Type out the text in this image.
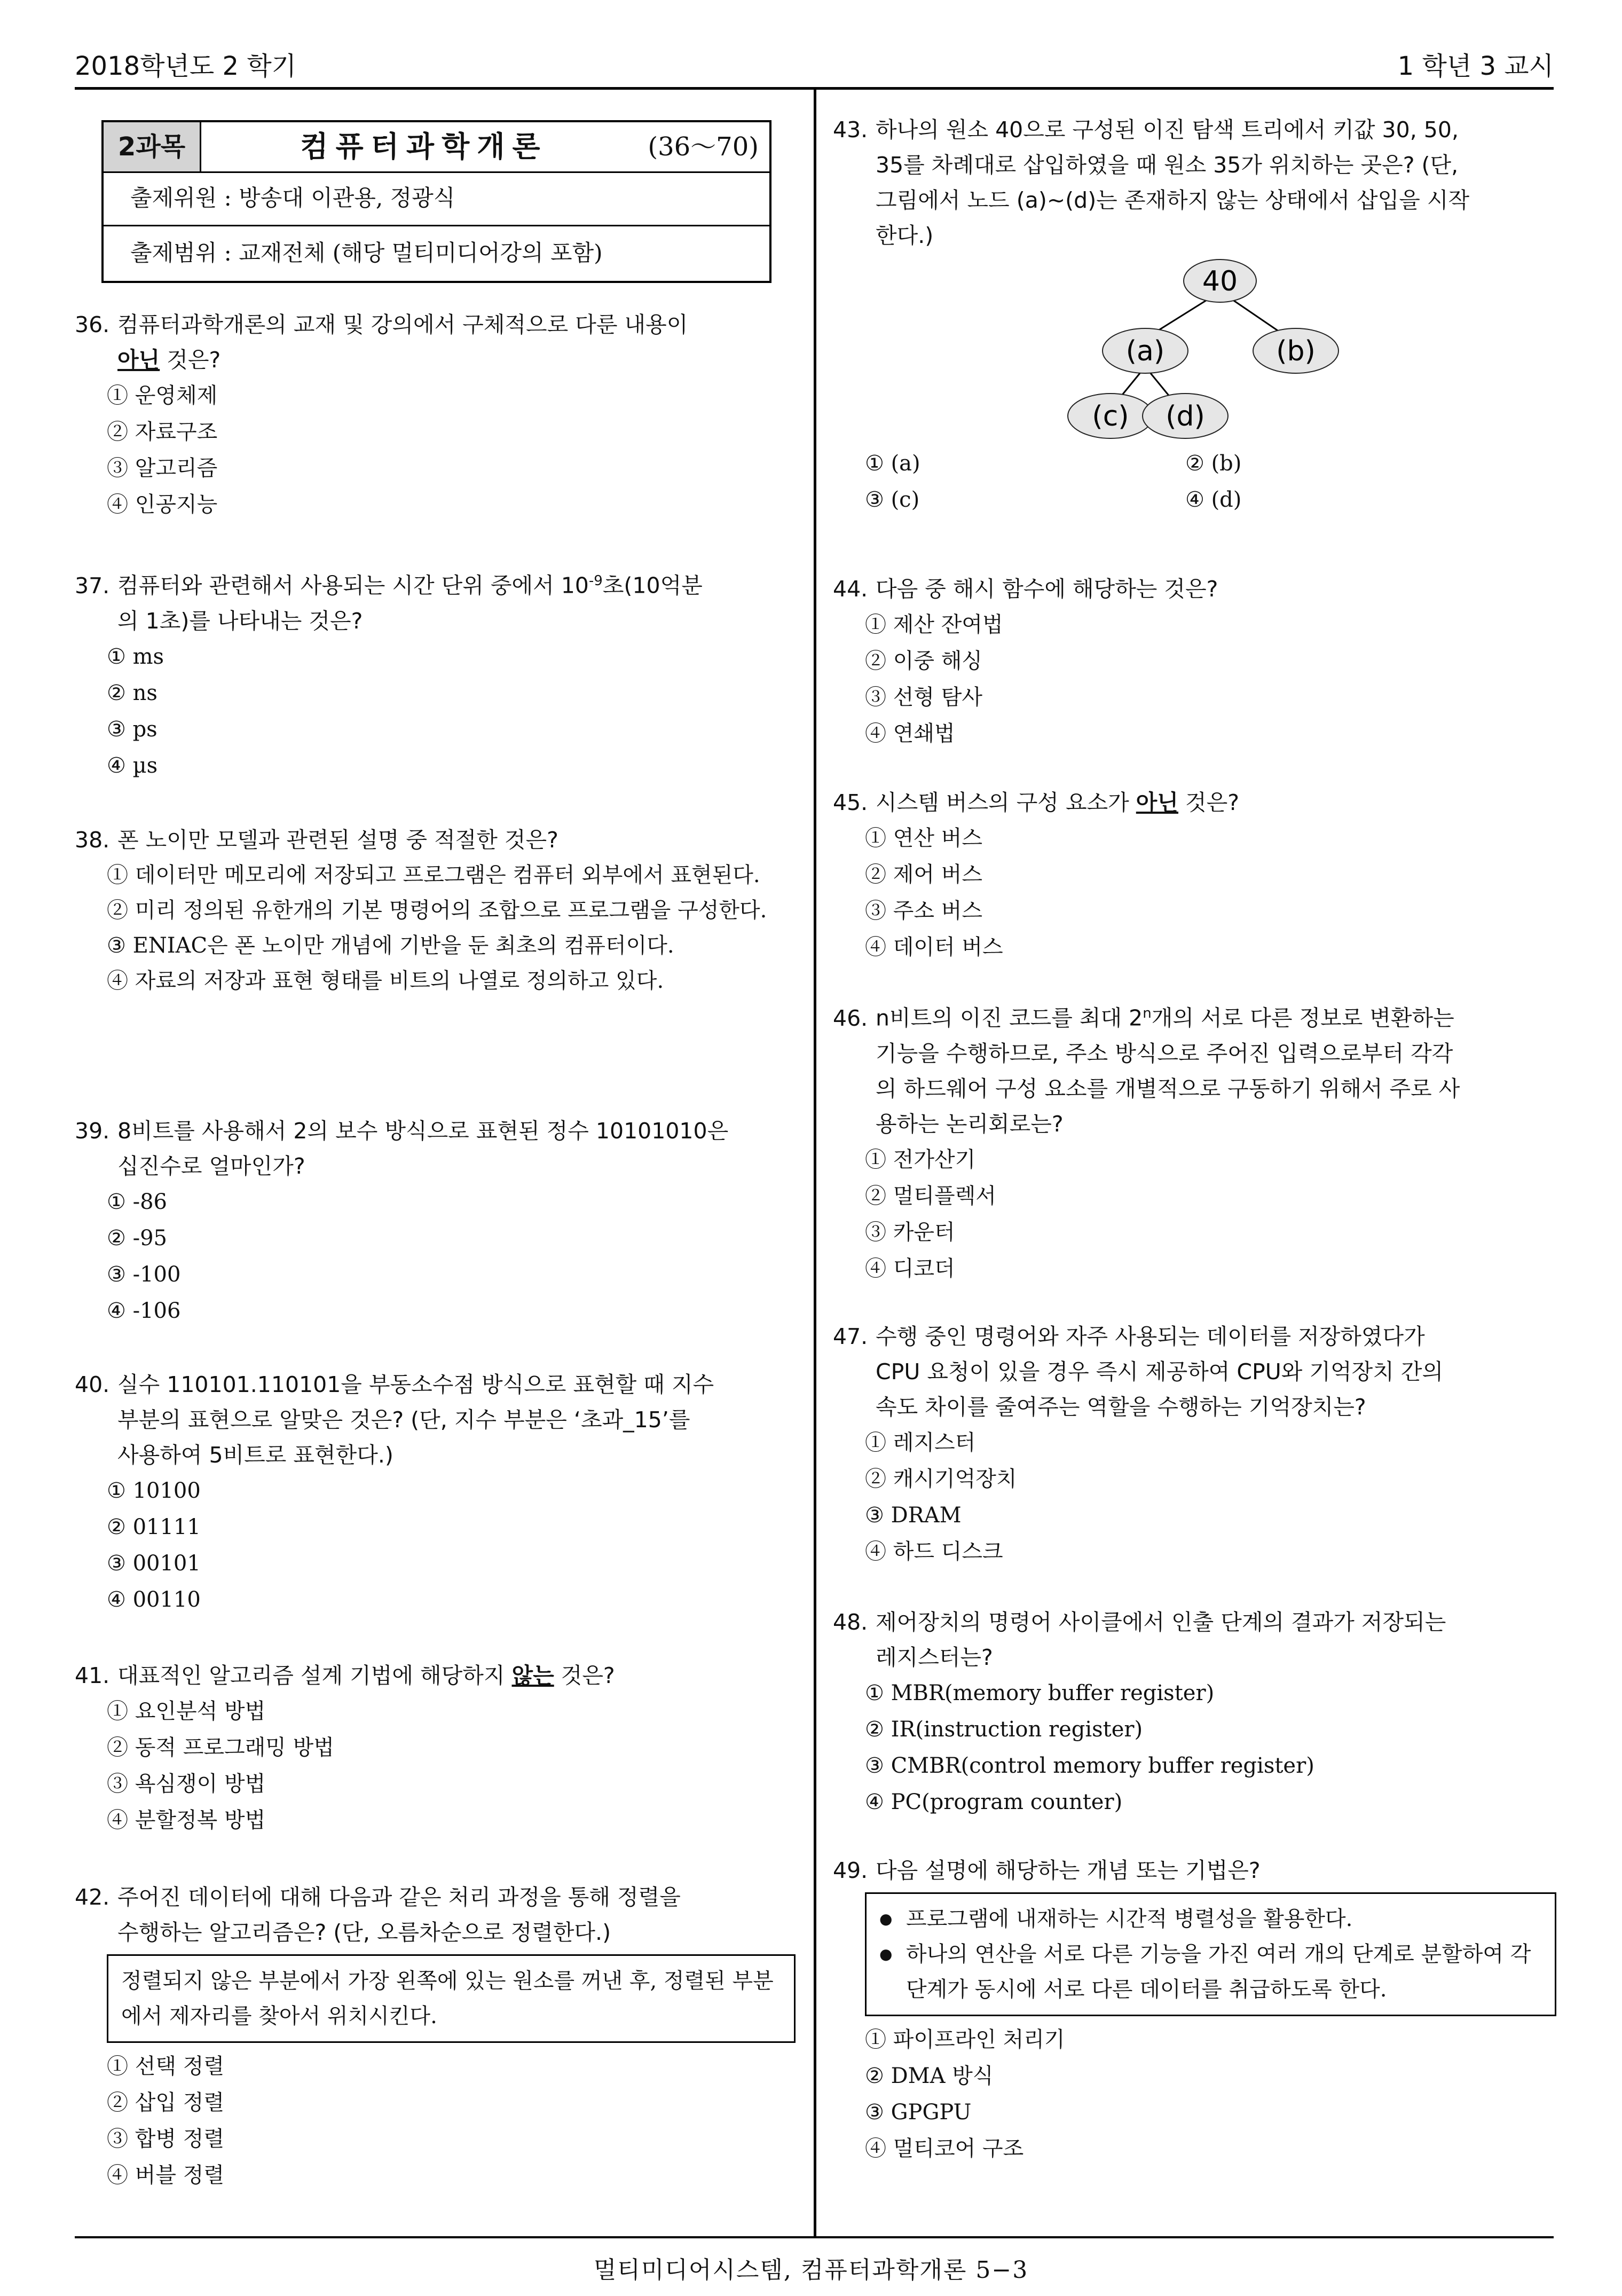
2018학년도 2 학기	1 학년 3 교시
2과목	컴퓨터과학개론	(36～70)
출제위원 : 방송대 이관용, 정광식
출제범위 : 교재전체 (해당 멀티미디어강의 포함)
36. 컴퓨터과학개론의 교재 및 강의에서 구체적으로 다룬 내용이
아닌 것은?
① 운영체제
② 자료구조
③ 알고리즘
④ 인공지능
37. 컴퓨터와 관련해서 사용되는 시간 단위 중에서 $10^{-9}$초(10억분
의 1초)를 나타내는 것은?
① ms
② ns
③ ps
④ µs
38. 폰 노이만 모델과 관련된 설명 중 적절한 것은?
① 데이터만 메모리에 저장되고 프로그램은 컴퓨터 외부에서 표현된다.
② 미리 정의된 유한개의 기본 명령어의 조합으로 프로그램을 구성한다.
③ ENIAC은 폰 노이만 개념에 기반을 둔 최초의 컴퓨터이다.
④ 자료의 저장과 표현 형태를 비트의 나열로 정의하고 있다.
39. 8비트를 사용해서 2의 보수 방식으로 표현된 정수 10101010은
십진수로 얼마인가?
① -86
② -95
③ -100
④ -106
40. 실수 110101.110101을 부동소수점 방식으로 표현할 때 지수
부분의 표현으로 알맞은 것은? (단, 지수 부분은 ‘초과_15’를
사용하여 5비트로 표현한다.)
① 10100
② 01111
③ 00101
④ 00110
41. 대표적인 알고리즘 설계 기법에 해당하지 않는 것은?
① 요인분석 방법
② 동적 프로그래밍 방법
③ 욕심쟁이 방법
④ 분할정복 방법
42. 주어진 데이터에 대해 다음과 같은 처리 과정을 통해 정렬을
수행하는 알고리즘은? (단, 오름차순으로 정렬한다.)
정렬되지 않은 부분에서 가장 왼쪽에 있는 원소를 꺼낸 후, 정렬된 부분에서 제자리를 찾아서 위치시킨다.
① 선택 정렬
② 삽입 정렬
③ 합병 정렬
④ 버블 정렬
43. 하나의 원소 40으로 구성된 이진 탐색 트리에서 키값 30, 50,
35를 차례대로 삽입하였을 때 원소 35가 위치하는 곳은? (단,
그림에서 노드 (a)∼(d)는 존재하지 않는 상태에서 삽입을 시작
한다.)
40
(a)	(b)
(c) (d)
① (a)	② (b)
③ (c)	④ (d)
44. 다음 중 해시 함수에 해당하는 것은?
① 제산 잔여법
② 이중 해싱
③ 선형 탐사
④ 연쇄법
45. 시스템 버스의 구성 요소가 아닌 것은?
① 연산 버스
② 제어 버스
③ 주소 버스
④ 데이터 버스
46. n비트의 이진 코드를 최대 2$^n$개의 서로 다른 정보로 변환하는
기능을 수행하므로, 주소 방식으로 주어진 입력으로부터 각각
의 하드웨어 구성 요소를 개별적으로 구동하기 위해서 주로 사
용하는 논리회로는?
① 전가산기
② 멀티플렉서
③ 카운터
④ 디코더
47. 수행 중인 명령어와 자주 사용되는 데이터를 저장하였다가
CPU 요청이 있을 경우 즉시 제공하여 CPU와 기억장치 간의
속도 차이를 줄여주는 역할을 수행하는 기억장치는?
① 레지스터
② 캐시기억장치
③ DRAM
④ 하드 디스크
48. 제어장치의 명령어 사이클에서 인출 단계의 결과가 저장되는
레지스터는?
① MBR(memory buffer register)
② IR(instruction register)
③ CMBR(control memory buffer register)
④ PC(program counter)
49. 다음 설명에 해당하는 개념 또는 기법은?
● 프로그램에 내재하는 시간적 병렬성을 활용한다.
● 하나의 연산을 서로 다른 기능을 가진 여러 개의 단계로 분할하여 각 단계가 동시에 서로 다른 데이터를 취급하도록 한다.
① 파이프라인 처리기
② DMA 방식
③ GPGPU
④ 멀티코어 구조
멀티미디어시스템, 컴퓨터과학개론 5−3
